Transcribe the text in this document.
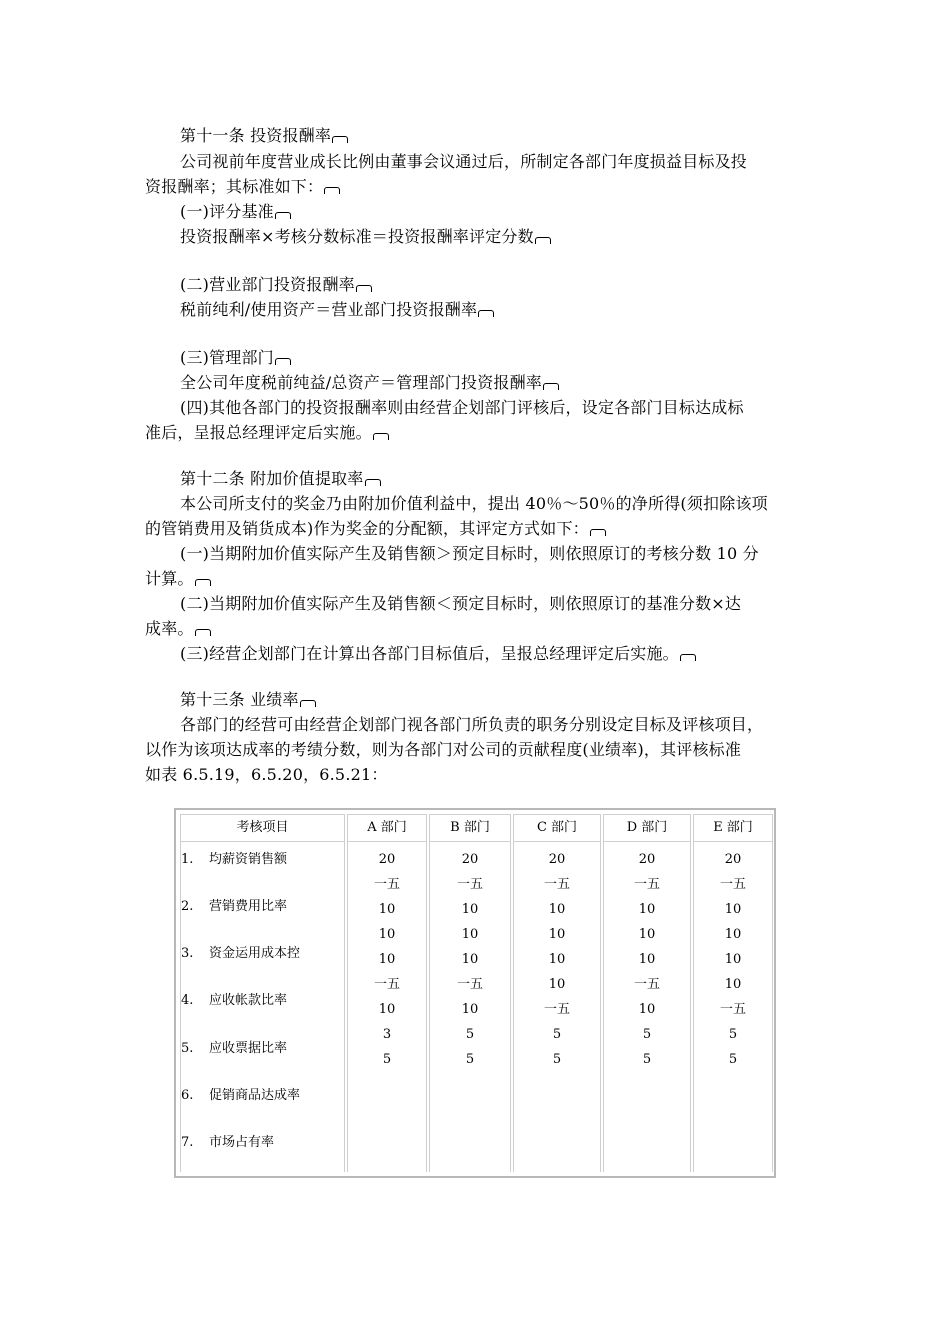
第十一条 投资报酬率
公司视前年度营业成长比例由董事会议通过后，所制定各部门年度损益目标及投
资报酬率；其标准如下：
(一)评分基准
投资报酬率×考核分数标准＝投资报酬率评定分数
(二)营业部门投资报酬率
税前纯利/使用资产＝营业部门投资报酬率
(三)管理部门
全公司年度税前纯益/总资产＝管理部门投资报酬率
(四)其他各部门的投资报酬率则由经营企划部门评核后，设定各部门目标达成标
准后，呈报总经理评定后实施。
第十二条 附加价值提取率
本公司所支付的奖金乃由附加价值利益中，提出 40％～50％的净所得(须扣除该项
的管销费用及销货成本)作为奖金的分配额，其评定方式如下：
(一)当期附加价值实际产生及销售额＞预定目标时，则依照原订的考核分数 10 分
计算。
(二)当期附加价值实际产生及销售额＜预定目标时，则依照原订的基准分数×达
成率。
(三)经营企划部门在计算出各部门目标值后，呈报总经理评定后实施。
第十三条 业绩率
各部门的经营可由经营企划部门视各部门所负责的职务分别设定目标及评核项目，
以作为该项达成率的考绩分数，则为各部门对公司的贡献程度(业绩率)，其评核标准
如表 6.5.19，6.5.20，6.5.21：
考核项目
1. 均薪资销售额
2. 营销费用比率
3. 资金运用成本控
4. 应收帐款比率
5. 应收票据比率
6. 促销商品达成率
7. 市场占有率
A 部门
20
一五
10
10
10
一五
10
3
5
B 部门
20
一五
10
10
10
一五
10
5
5
C 部门
20
一五
10
10
10
10
一五
5
5
D 部门
20
一五
10
10
10
一五
10
5
5
E 部门
20
一五
10
10
10
10
一五
5
5
